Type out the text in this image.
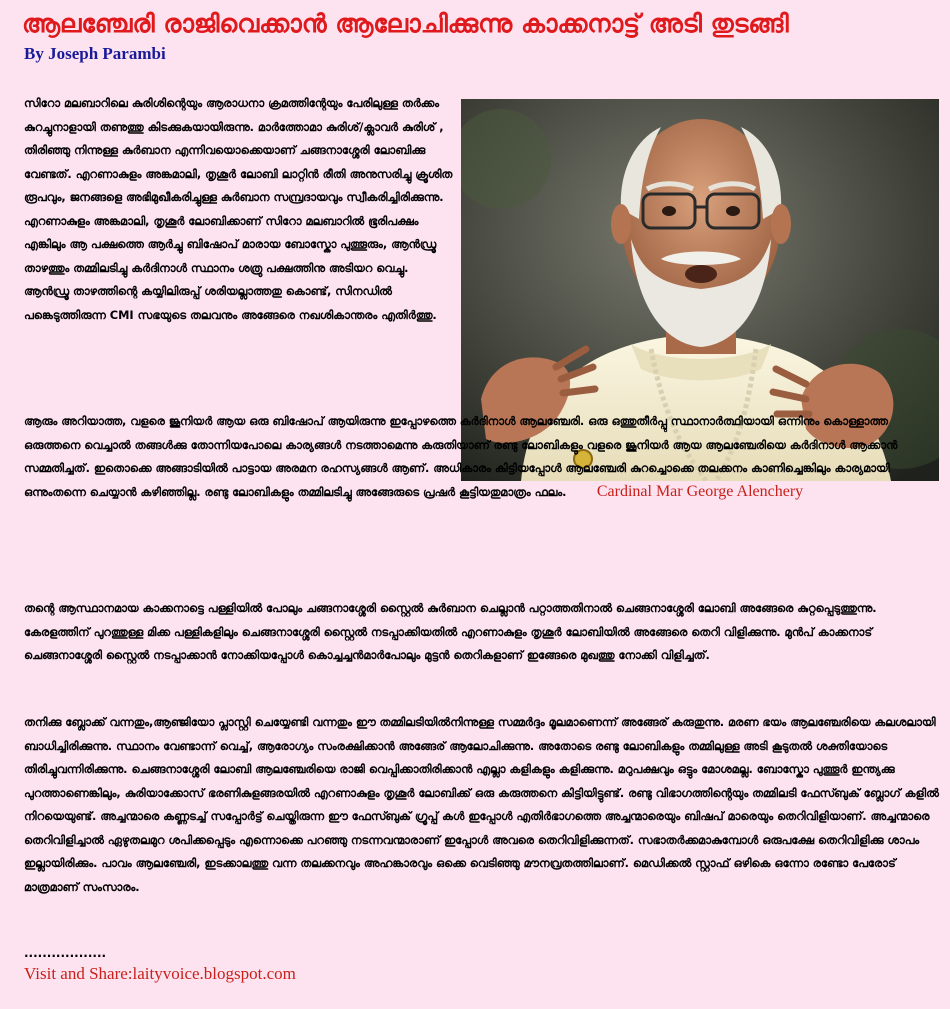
ആലഞ്ചേരി രാജിവെക്കാൻ ആലോചിക്കുന്നു കാക്കനാട്ട് അടി തുടങ്ങി
By Joseph Parambi

സിറോ മലബാറിലെ കുരിശിന്റെയും ആരാധനാ ക്രമത്തിന്റേയും പേരിലുള്ള തർക്കം കുറച്ചുനാളായി തണുത്തു കിടക്കുകയായിരുന്നു. മാർത്തോമാ കുരിശ്/ക്ലാവർ കുരിശ് , തിരിഞ്ഞു നിന്നുള്ള കുർബാന എന്നിവയൊക്കെയാണ് ചങ്ങനാശ്ശേരി ലോബിക്കു വേണ്ടത്. എറണാകുളം അങ്കമാലി, തൃശൂർ ലോബി ലാറ്റിൻ രീതി അനുസരിച്ചു ക്രൂശിത രൂപവും, ജനങ്ങളെ അഭിമുഖീകരിച്ചുള്ള കുർബാന സമ്പ്രദായവും സ്വീകരിച്ചിരിക്കുന്നു. എറണാകുളം അങ്കമാലി, തൃശൂർ ലോബിക്കാണ് സിറോ മലബാറിൽ ഭൂരിപക്ഷം എങ്കിലും ആ പക്ഷത്തെ ആർച്ചു ബിഷോപ് മാരായ ബോസ്കോ പുത്തൂരും, ആൻഡ്രൂ താഴത്തും തമ്മിലടിച്ചു കർദിനാൾ സ്ഥാനം ശത്രു പക്ഷത്തിനു അടിയറ വെച്ചു. ആൻഡ്രൂ താഴത്തിന്റെ കയ്യിലിരുപ്പ് ശരിയല്ലാത്തതു കൊണ്ട്, സിനഡിൽ പങ്കെടുത്തിരുന്ന CMI സഭയുടെ തലവനും അങ്ങേരെ നഖശികാന്തരം എതിർത്തു.

Cardinal Mar George Alenchery

ആരും അറിയാത്ത, വളരെ ജൂനിയർ ആയ ഒരു ബിഷോപ് ആയിരുന്നു ഇപ്പോഴത്തെ കർദിനാൾ ആലഞ്ചേരി. ഒരു ഒത്തുതീർപ്പു സ്ഥാനാർത്ഥിയായി ഒന്നിനും കൊള്ളാത്ത ഒരുത്തനെ വെച്ചാൽ തങ്ങൾക്കു തോന്നിയപോലെ കാര്യങ്ങൾ നടത്താമെന്നു കരുതിയാണ് രണ്ടു ലോബികളും വളരെ ജൂനിയർ ആയ ആലഞ്ചേരിയെ കർദിനാൾ ആക്കാൻ സമ്മതിച്ചത്. ഇതൊക്കെ അങ്ങാടിയിൽ പാട്ടായ അരമന രഹസ്യങ്ങൾ ആണ്. അധികാരം കിട്ടിയപ്പോൾ ആലഞ്ചേരി കുറച്ചൊക്കെ തലക്കനം കാണിച്ചെങ്കിലും കാര്യമായി ഒന്നുംതന്നെ ചെയ്യാൻ കഴിഞ്ഞില്ല. രണ്ടു ലോബികളും തമ്മിലടിച്ചു അങ്ങേരുടെ പ്രഷർ കൂട്ടിയതുമാത്രം ഫലം.

തന്റെ ആസ്ഥാനമായ കാക്കനാട്ടെ പള്ളിയിൽ പോലും ചങ്ങനാശ്ശേരി സ്റ്റൈൽ കുർബാന ചെല്ലാൻ പറ്റാത്തതിനാൽ ചെങ്ങനാശ്ശേരി ലോബി അങ്ങേരെ കുറ്റപ്പെടുത്തുന്നു. കേരളത്തിന് പുറത്തുള്ള മിക്ക പള്ളികളിലും ചെങ്ങനാശ്ശേരി സ്റ്റൈൽ നടപ്പാക്കിയതിൽ എറണാകുളം തൃശൂർ ലോബിയിൽ അങ്ങേരെ തെറി വിളിക്കുന്നു. മുൻപ് കാക്കനാട് ചെങ്ങനാശ്ശേരി സ്റ്റൈൽ നടപ്പാക്കാൻ നോക്കിയപ്പോൾ കൊച്ചച്ചൻമാർപോലും മുട്ടൻ തെറികളാണ് ഇങ്ങേരെ മുഖത്തു നോക്കി വിളിച്ചത്.

തനിക്കു ബ്ലോക്ക് വന്നതും,ആഞ്ജിയോ പ്ലാസ്റ്റി ചെയ്യേണ്ടി വന്നതും ഈ തമ്മിലടിയിൽനിന്നുള്ള സമ്മർദ്ദം മൂലമാണെന്ന് അങ്ങേര് കരുതുന്നു. മരണ ഭയം ആലഞ്ചേരിയെ കലശലായി ബാധിച്ചിരിക്കുന്നു. സ്ഥാനം വേണ്ടാന്ന് വെച്ച്, ആരോഗ്യം സംരക്ഷിക്കാൻ അങ്ങേര് ആലോചിക്കുന്നു. അതോടെ രണ്ടു ലോബികളും തമ്മിലുള്ള അടി കൂടുതൽ ശക്തിയോടെ തിരിച്ചുവന്നിരിക്കുന്നു. ചെങ്ങനാശ്ശേരി ലോബി ആലഞ്ചേരിയെ രാജി വെപ്പിക്കാതിരിക്കാൻ എല്ലാ കളികളും കളിക്കുന്നു. മറുപക്ഷവും ഒട്ടും മോശമല്ല. ബോസ്കോ പുത്തൂർ ഇന്ത്യക്കു പുറത്താണെങ്കിലും, കുരിയാക്കോസ് ഭരണികുളങ്ങരയിൽ എറണാകുളം തൃശൂർ ലോബിക്ക് ഒരു കരുത്തനെ കിട്ടിയിട്ടുണ്ട്. രണ്ടു വിഭാഗത്തിന്റെയും തമ്മിലടി ഫേസ്ബുക് ബ്ലോഗ് കളിൽ നിറയെയുണ്ട്. അച്ചന്മാരെ കണ്ണടച്ച് സപ്പോർട്ട് ചെയ്തിരുന്ന ഈ ഫേസ്ബുക് ഗ്രൂപ്പ് കൾ ഇപ്പോൾ എതിർഭാഗത്തെ അച്ചന്മാരെയും ബിഷപ് മാരെയും തെറിവിളിയാണ്. അച്ചന്മാരെ തെറിവിളിച്ചാൽ ഏഴുതലമുറ ശപിക്കപ്പെടും എന്നൊക്കെ പറഞ്ഞു നടന്നവന്മാരാണ് ഇപ്പോൾ അവരെ തെറിവിളിക്കുന്നത്. സഭാതർക്കമാകുമ്പോൾ ഒരുപക്ഷേ തെറിവിളിക്കു ശാപം ഇല്ലായിരിക്കും. പാവം ആലഞ്ചേരി, ഇടക്കാലത്തു വന്ന തലക്കനവും അഹങ്കാരവും ഒക്കെ വെടിഞ്ഞു മൗനവ്രതത്തിലാണ്. മെഡിക്കൽ സ്റ്റാഫ് ഒഴികെ ഒന്നോ രണ്ടോ പേരോട് മാത്രമാണ് സംസാരം.

..................
Visit and Share:laityvoice.blogspot.com
